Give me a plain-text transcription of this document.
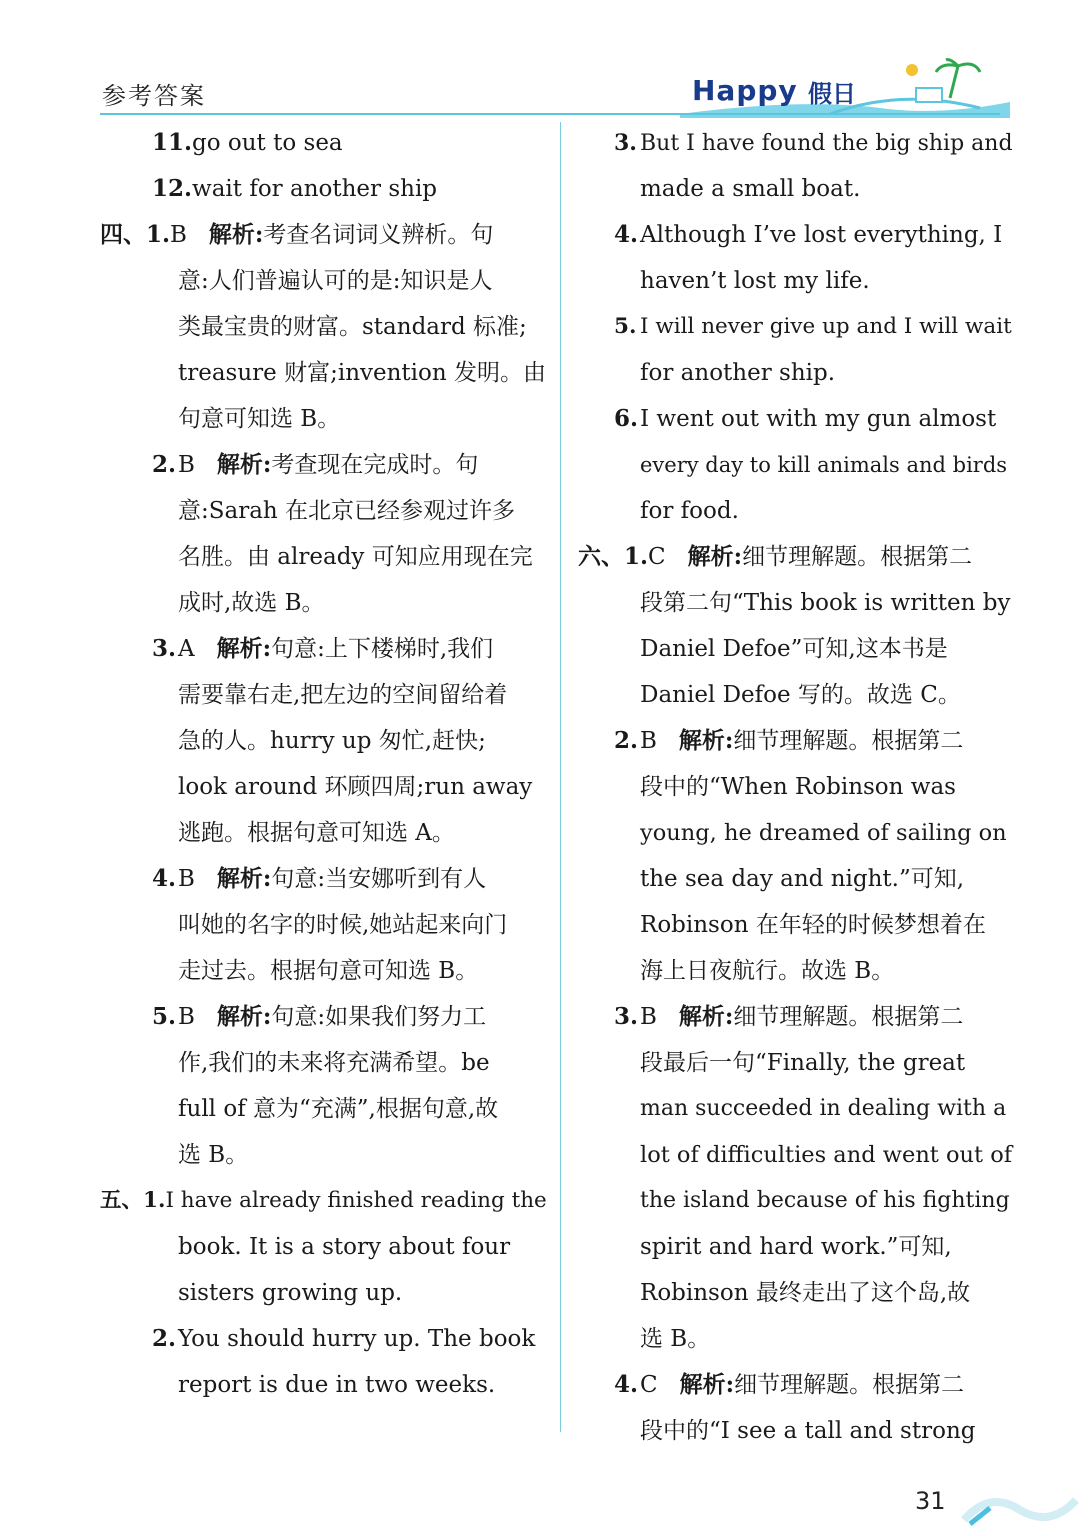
参考答案	Happy 假日
11.go out to sea
12.wait for another ship
四、1.B 解析:考查名词词义辨析。句
意:人们普遍认可的是:知识是人
类最宝贵的财富。standard 标准;
treasure 财富;invention 发明。由
句意可知选 B。
2.B 解析:考查现在完成时。句
意:Sarah 在北京已经参观过许多
名胜。由 already 可知应用现在完
成时,故选 B。
3.A 解析:句意:上下楼梯时,我们
需要靠右走,把左边的空间留给着
急的人。hurry up 匆忙,赶快;
look around 环顾四周;run away
逃跑。根据句意可知选 A。
4.B 解析:句意:当安娜听到有人
叫她的名字的时候,她站起来向门
走过去。根据句意可知选 B。
5.B 解析:句意:如果我们努力工
作,我们的未来将充满希望。be
full of 意为“充满”,根据句意,故
选 B。
五、1.I have already finished reading the
book. It is a story about four
sisters growing up.
2.You should hurry up. The book
report is due in two weeks.
3. But I have found the big ship and
made a small boat.
4.Although I’ve lost everything, I
haven’t lost my life.
5. I will never give up and I will wait
for another ship.
6.I went out with my gun almost
every day to kill animals and birds
for food.
六、1.C 解析:细节理解题。根据第二
段第二句“This book is written by
Daniel Defoe”可知,这本书是
Daniel Defoe 写的。故选 C。
2.B 解析:细节理解题。根据第二
段中的“When Robinson was
young, he dreamed of sailing on
the sea day and night.”可知,
Robinson 在年轻的时候梦想着在
海上日夜航行。故选 B。
3.B 解析:细节理解题。根据第二
段最后一句“Finally, the great
man succeeded in dealing with a
lot of difficulties and went out of
the island because of his fighting
spirit and hard work.”可知,
Robinson 最终走出了这个岛,故
选 B。
4.C 解析:细节理解题。根据第二
段中的“I see a tall and strong
31
